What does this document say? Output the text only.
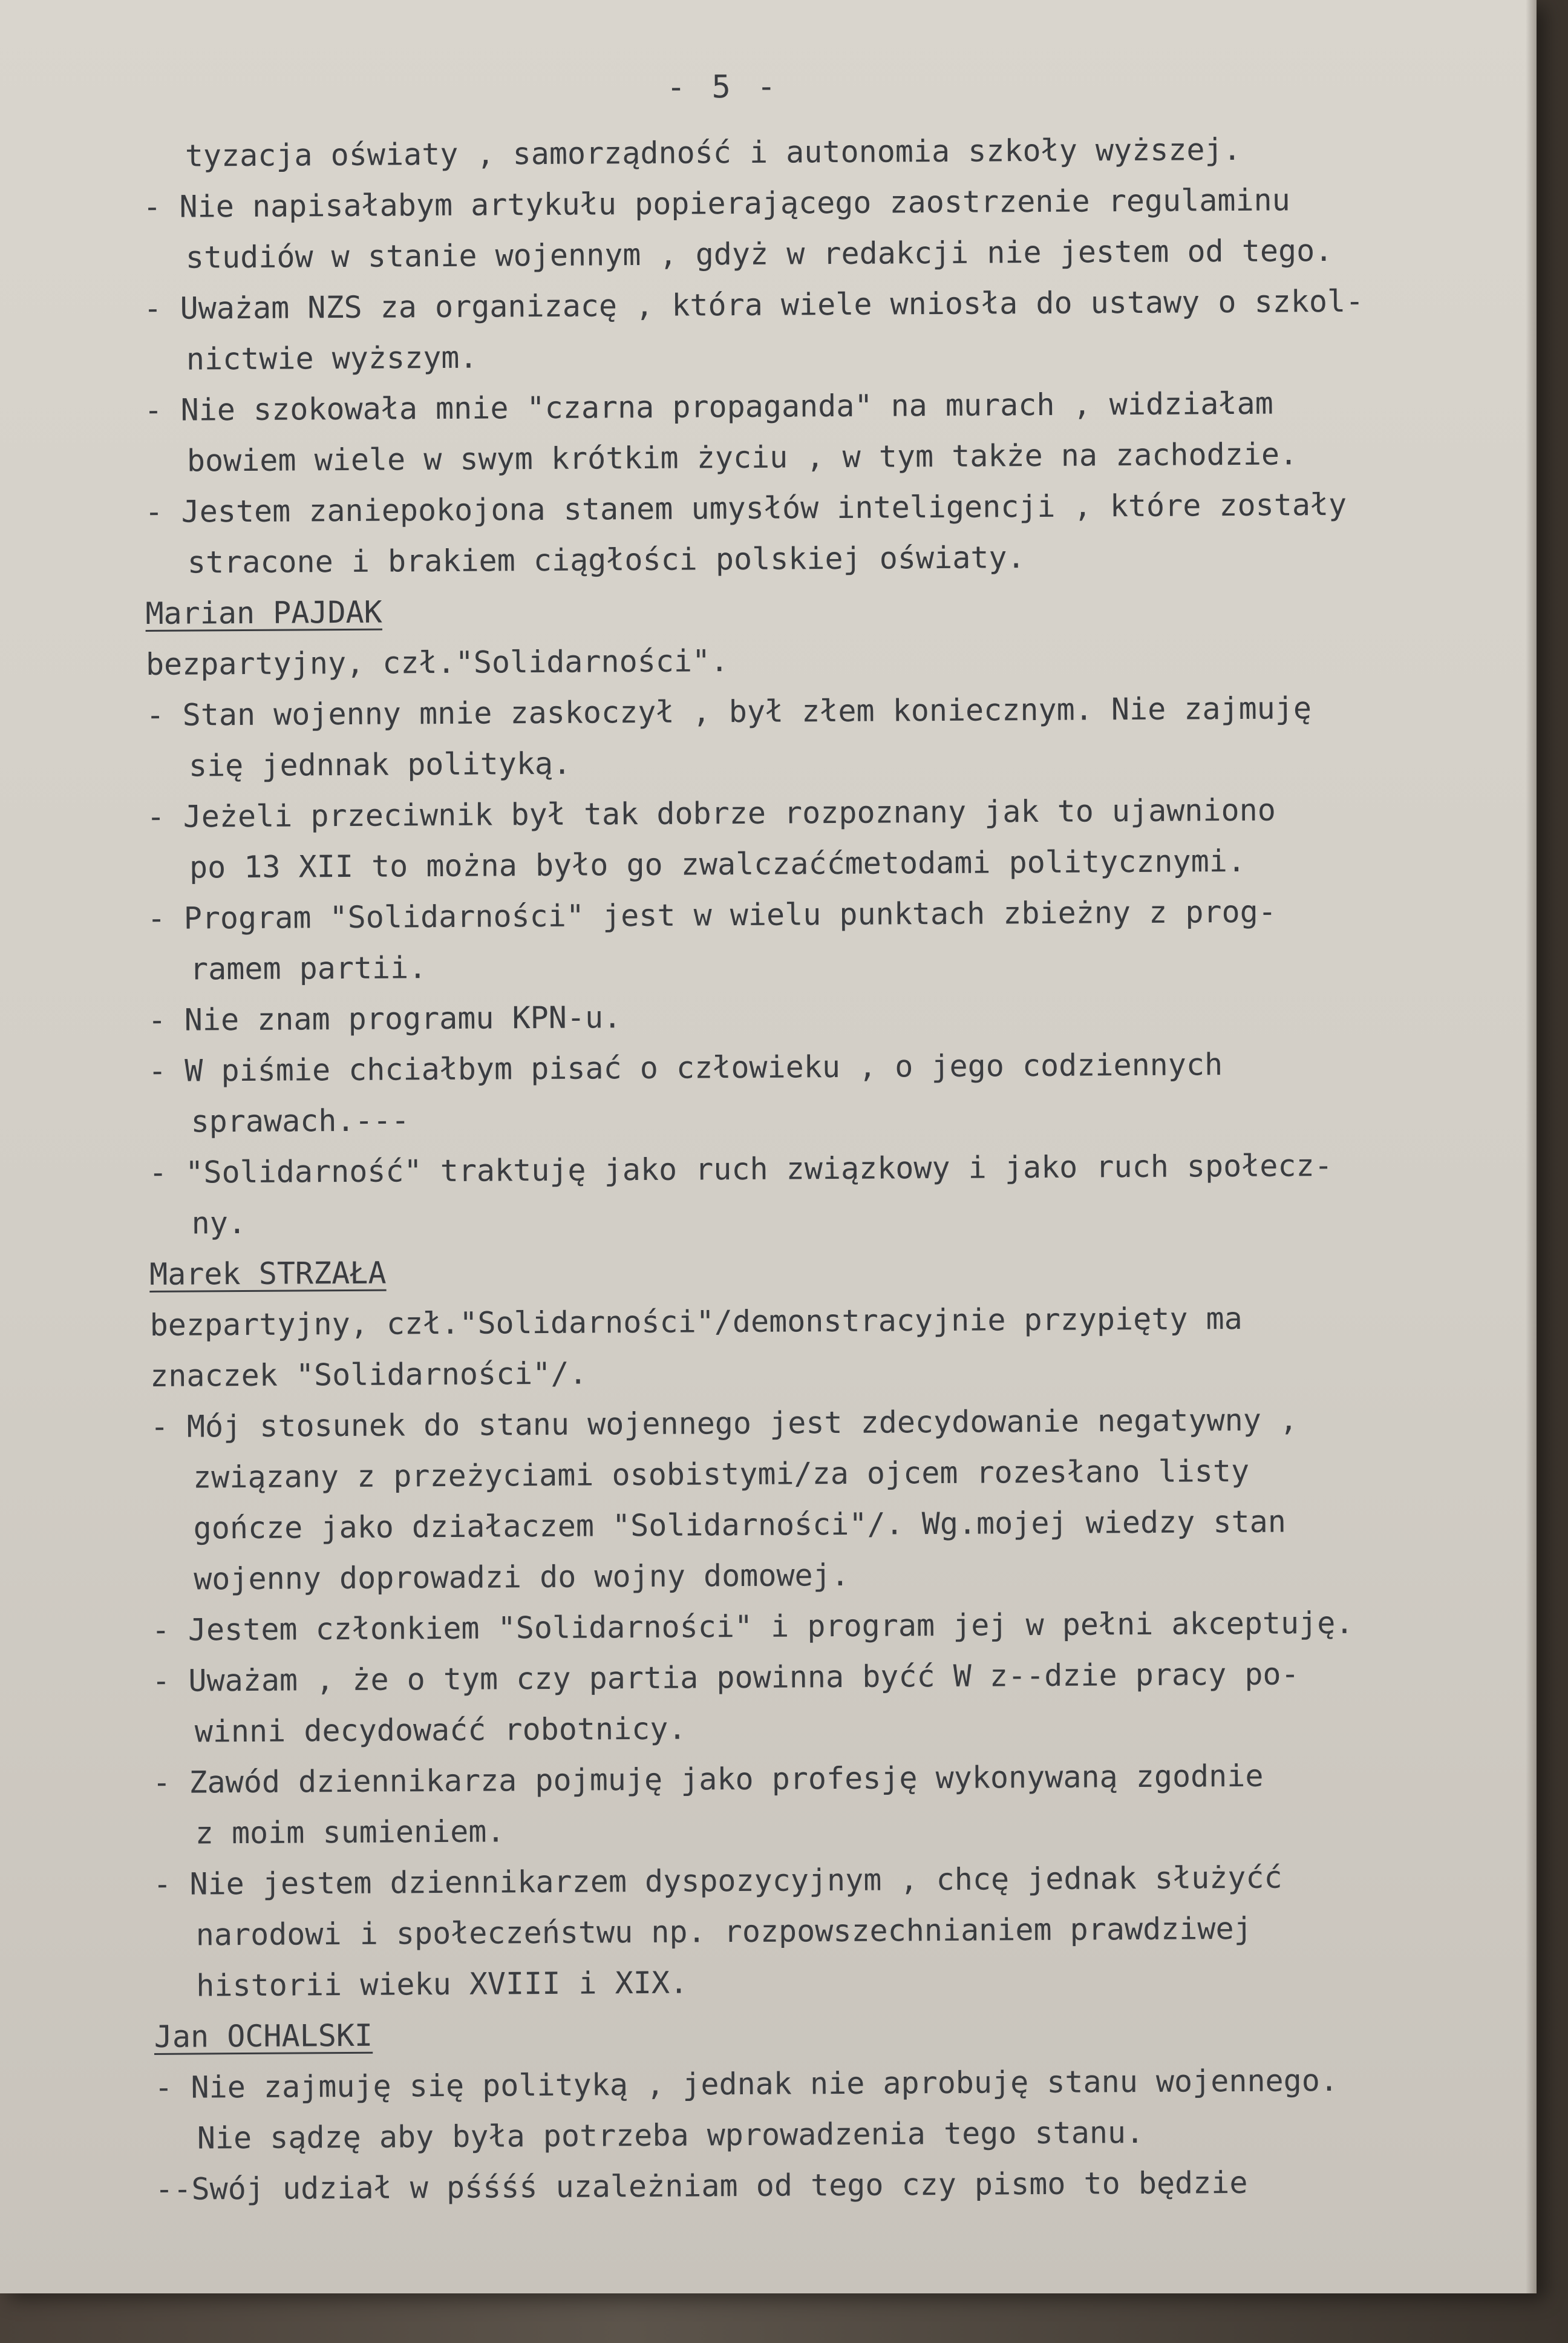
- 5 -
tyzacja oświaty , samorządność i autonomia szkoły wyższej.
- Nie napisałabym artykułu popierającego zaostrzenie regulaminu
studiów w stanie wojennym , gdyż w redakcji nie jestem od tego.
- Uważam NZS za organizacę , która wiele wniosła do ustawy o szkol-
nictwie wyższym.
- Nie szokowała mnie "czarna propaganda" na murach , widziałam
bowiem wiele w swym krótkim życiu , w tym także na zachodzie.
- Jestem zaniepokojona stanem umysłów inteligencji , które zostały
stracone i brakiem ciągłości polskiej oświaty.
Marian PAJDAK
bezpartyjny, czł."Solidarności".
- Stan wojenny mnie zaskoczył , był złem koniecznym. Nie zajmuję
się jednnak polityką.
- Jeżeli przeciwnik był tak dobrze rozpoznany jak to ujawniono
po 13 XII to można było go zwalczaććmetodami politycznymi.
- Program "Solidarności" jest w wielu punktach zbieżny z prog-
ramem partii.
- Nie znam programu KPN-u.
- W piśmie chciałbym pisać o człowieku , o jego codziennych
sprawach.---
- "Solidarność" traktuję jako ruch związkowy i jako ruch społecz-
ny.
Marek STRZAŁA
bezpartyjny, czł."Solidarności"/demonstracyjnie przypięty ma
znaczek "Solidarności"/.
- Mój stosunek do stanu wojennego jest zdecydowanie negatywny ,
związany z przeżyciami osobistymi/za ojcem rozesłano listy
gończe jako działaczem "Solidarności"/. Wg.mojej wiedzy stan
wojenny doprowadzi do wojny domowej.
- Jestem członkiem "Solidarności" i program jej w pełni akceptuję.
- Uważam , że o tym czy partia powinna byćć W z--dzie pracy po-
winni decydowaćć robotnicy.
- Zawód dziennikarza pojmuję jako profesję wykonywaną zgodnie
z moim sumieniem.
- Nie jestem dziennikarzem dyspozycyjnym , chcę jednak służyćć
narodowi i społeczeństwu np. rozpowszechnianiem prawdziwej
historii wieku XVIII i XIX.
Jan OCHALSKI
- Nie zajmuję się polityką , jednak nie aprobuję stanu wojennego.
Nie sądzę aby była potrzeba wprowadzenia tego stanu.
--Swój udział w pśśśś uzależniam od tego czy pismo to będzie
